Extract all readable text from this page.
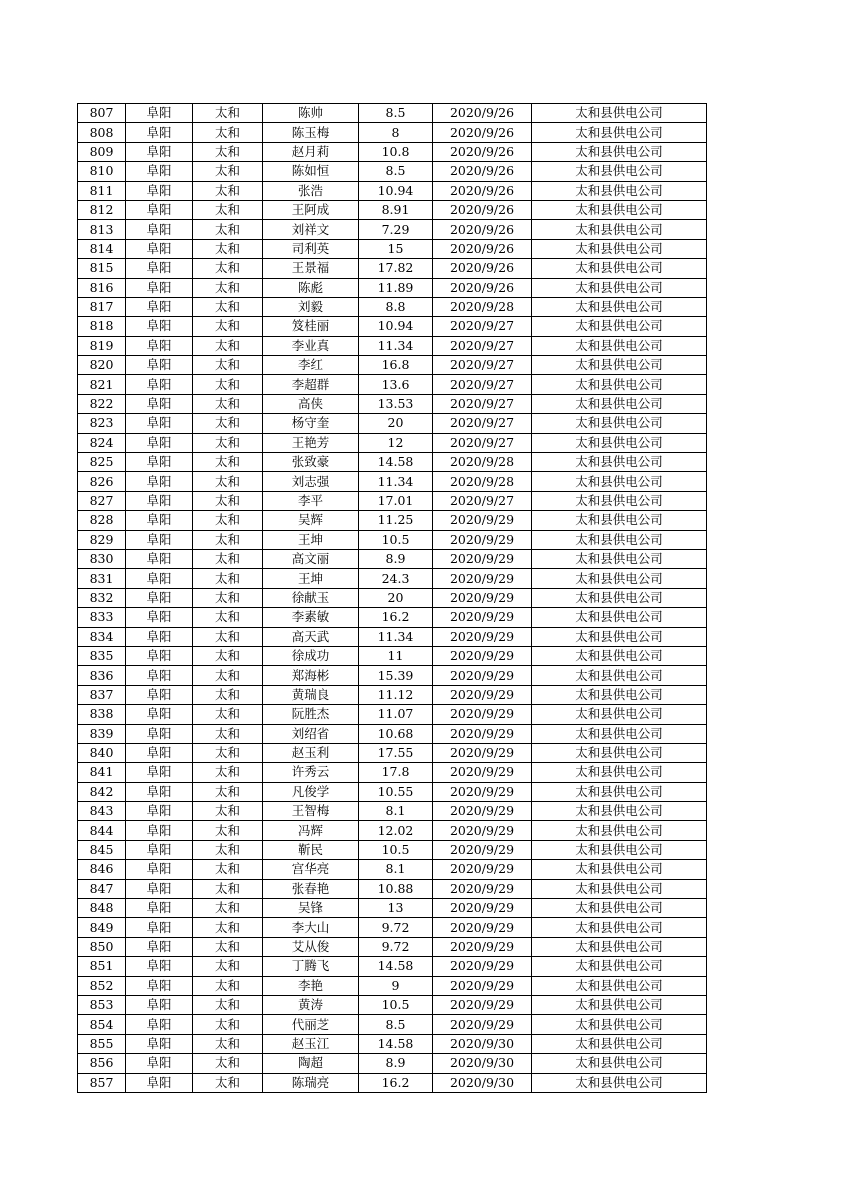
807	阜阳	太和	陈帅	8.5	2020/9/26	太和县供电公司
808	阜阳	太和	陈玉梅	8	2020/9/26	太和县供电公司
809	阜阳	太和	赵月莉	10.8	2020/9/26	太和县供电公司
810	阜阳	太和	陈如恒	8.5	2020/9/26	太和县供电公司
811	阜阳	太和	张浩	10.94	2020/9/26	太和县供电公司
812	阜阳	太和	王阿成	8.91	2020/9/26	太和县供电公司
813	阜阳	太和	刘祥文	7.29	2020/9/26	太和县供电公司
814	阜阳	太和	司利英	15	2020/9/26	太和县供电公司
815	阜阳	太和	王景福	17.82	2020/9/26	太和县供电公司
816	阜阳	太和	陈彪	11.89	2020/9/26	太和县供电公司
817	阜阳	太和	刘毅	8.8	2020/9/28	太和县供电公司
818	阜阳	太和	笈桂丽	10.94	2020/9/27	太和县供电公司
819	阜阳	太和	李业真	11.34	2020/9/27	太和县供电公司
820	阜阳	太和	李红	16.8	2020/9/27	太和县供电公司
821	阜阳	太和	李超群	13.6	2020/9/27	太和县供电公司
822	阜阳	太和	高侠	13.53	2020/9/27	太和县供电公司
823	阜阳	太和	杨守奎	20	2020/9/27	太和县供电公司
824	阜阳	太和	王艳芳	12	2020/9/27	太和县供电公司
825	阜阳	太和	张致豪	14.58	2020/9/28	太和县供电公司
826	阜阳	太和	刘志强	11.34	2020/9/28	太和县供电公司
827	阜阳	太和	李平	17.01	2020/9/27	太和县供电公司
828	阜阳	太和	吴辉	11.25	2020/9/29	太和县供电公司
829	阜阳	太和	王坤	10.5	2020/9/29	太和县供电公司
830	阜阳	太和	高文丽	8.9	2020/9/29	太和县供电公司
831	阜阳	太和	王坤	24.3	2020/9/29	太和县供电公司
832	阜阳	太和	徐献玉	20	2020/9/29	太和县供电公司
833	阜阳	太和	李素敏	16.2	2020/9/29	太和县供电公司
834	阜阳	太和	高天武	11.34	2020/9/29	太和县供电公司
835	阜阳	太和	徐成功	11	2020/9/29	太和县供电公司
836	阜阳	太和	郑海彬	15.39	2020/9/29	太和县供电公司
837	阜阳	太和	黄瑞良	11.12	2020/9/29	太和县供电公司
838	阜阳	太和	阮胜杰	11.07	2020/9/29	太和县供电公司
839	阜阳	太和	刘绍省	10.68	2020/9/29	太和县供电公司
840	阜阳	太和	赵玉利	17.55	2020/9/29	太和县供电公司
841	阜阳	太和	许秀云	17.8	2020/9/29	太和县供电公司
842	阜阳	太和	凡俊学	10.55	2020/9/29	太和县供电公司
843	阜阳	太和	王智梅	8.1	2020/9/29	太和县供电公司
844	阜阳	太和	冯辉	12.02	2020/9/29	太和县供电公司
845	阜阳	太和	靳民	10.5	2020/9/29	太和县供电公司
846	阜阳	太和	宫华亮	8.1	2020/9/29	太和县供电公司
847	阜阳	太和	张春艳	10.88	2020/9/29	太和县供电公司
848	阜阳	太和	吴锋	13	2020/9/29	太和县供电公司
849	阜阳	太和	李大山	9.72	2020/9/29	太和县供电公司
850	阜阳	太和	艾从俊	9.72	2020/9/29	太和县供电公司
851	阜阳	太和	丁腾飞	14.58	2020/9/29	太和县供电公司
852	阜阳	太和	李艳	9	2020/9/29	太和县供电公司
853	阜阳	太和	黄涛	10.5	2020/9/29	太和县供电公司
854	阜阳	太和	代丽芝	8.5	2020/9/29	太和县供电公司
855	阜阳	太和	赵玉江	14.58	2020/9/30	太和县供电公司
856	阜阳	太和	陶超	8.9	2020/9/30	太和县供电公司
857	阜阳	太和	陈瑞亮	16.2	2020/9/30	太和县供电公司
